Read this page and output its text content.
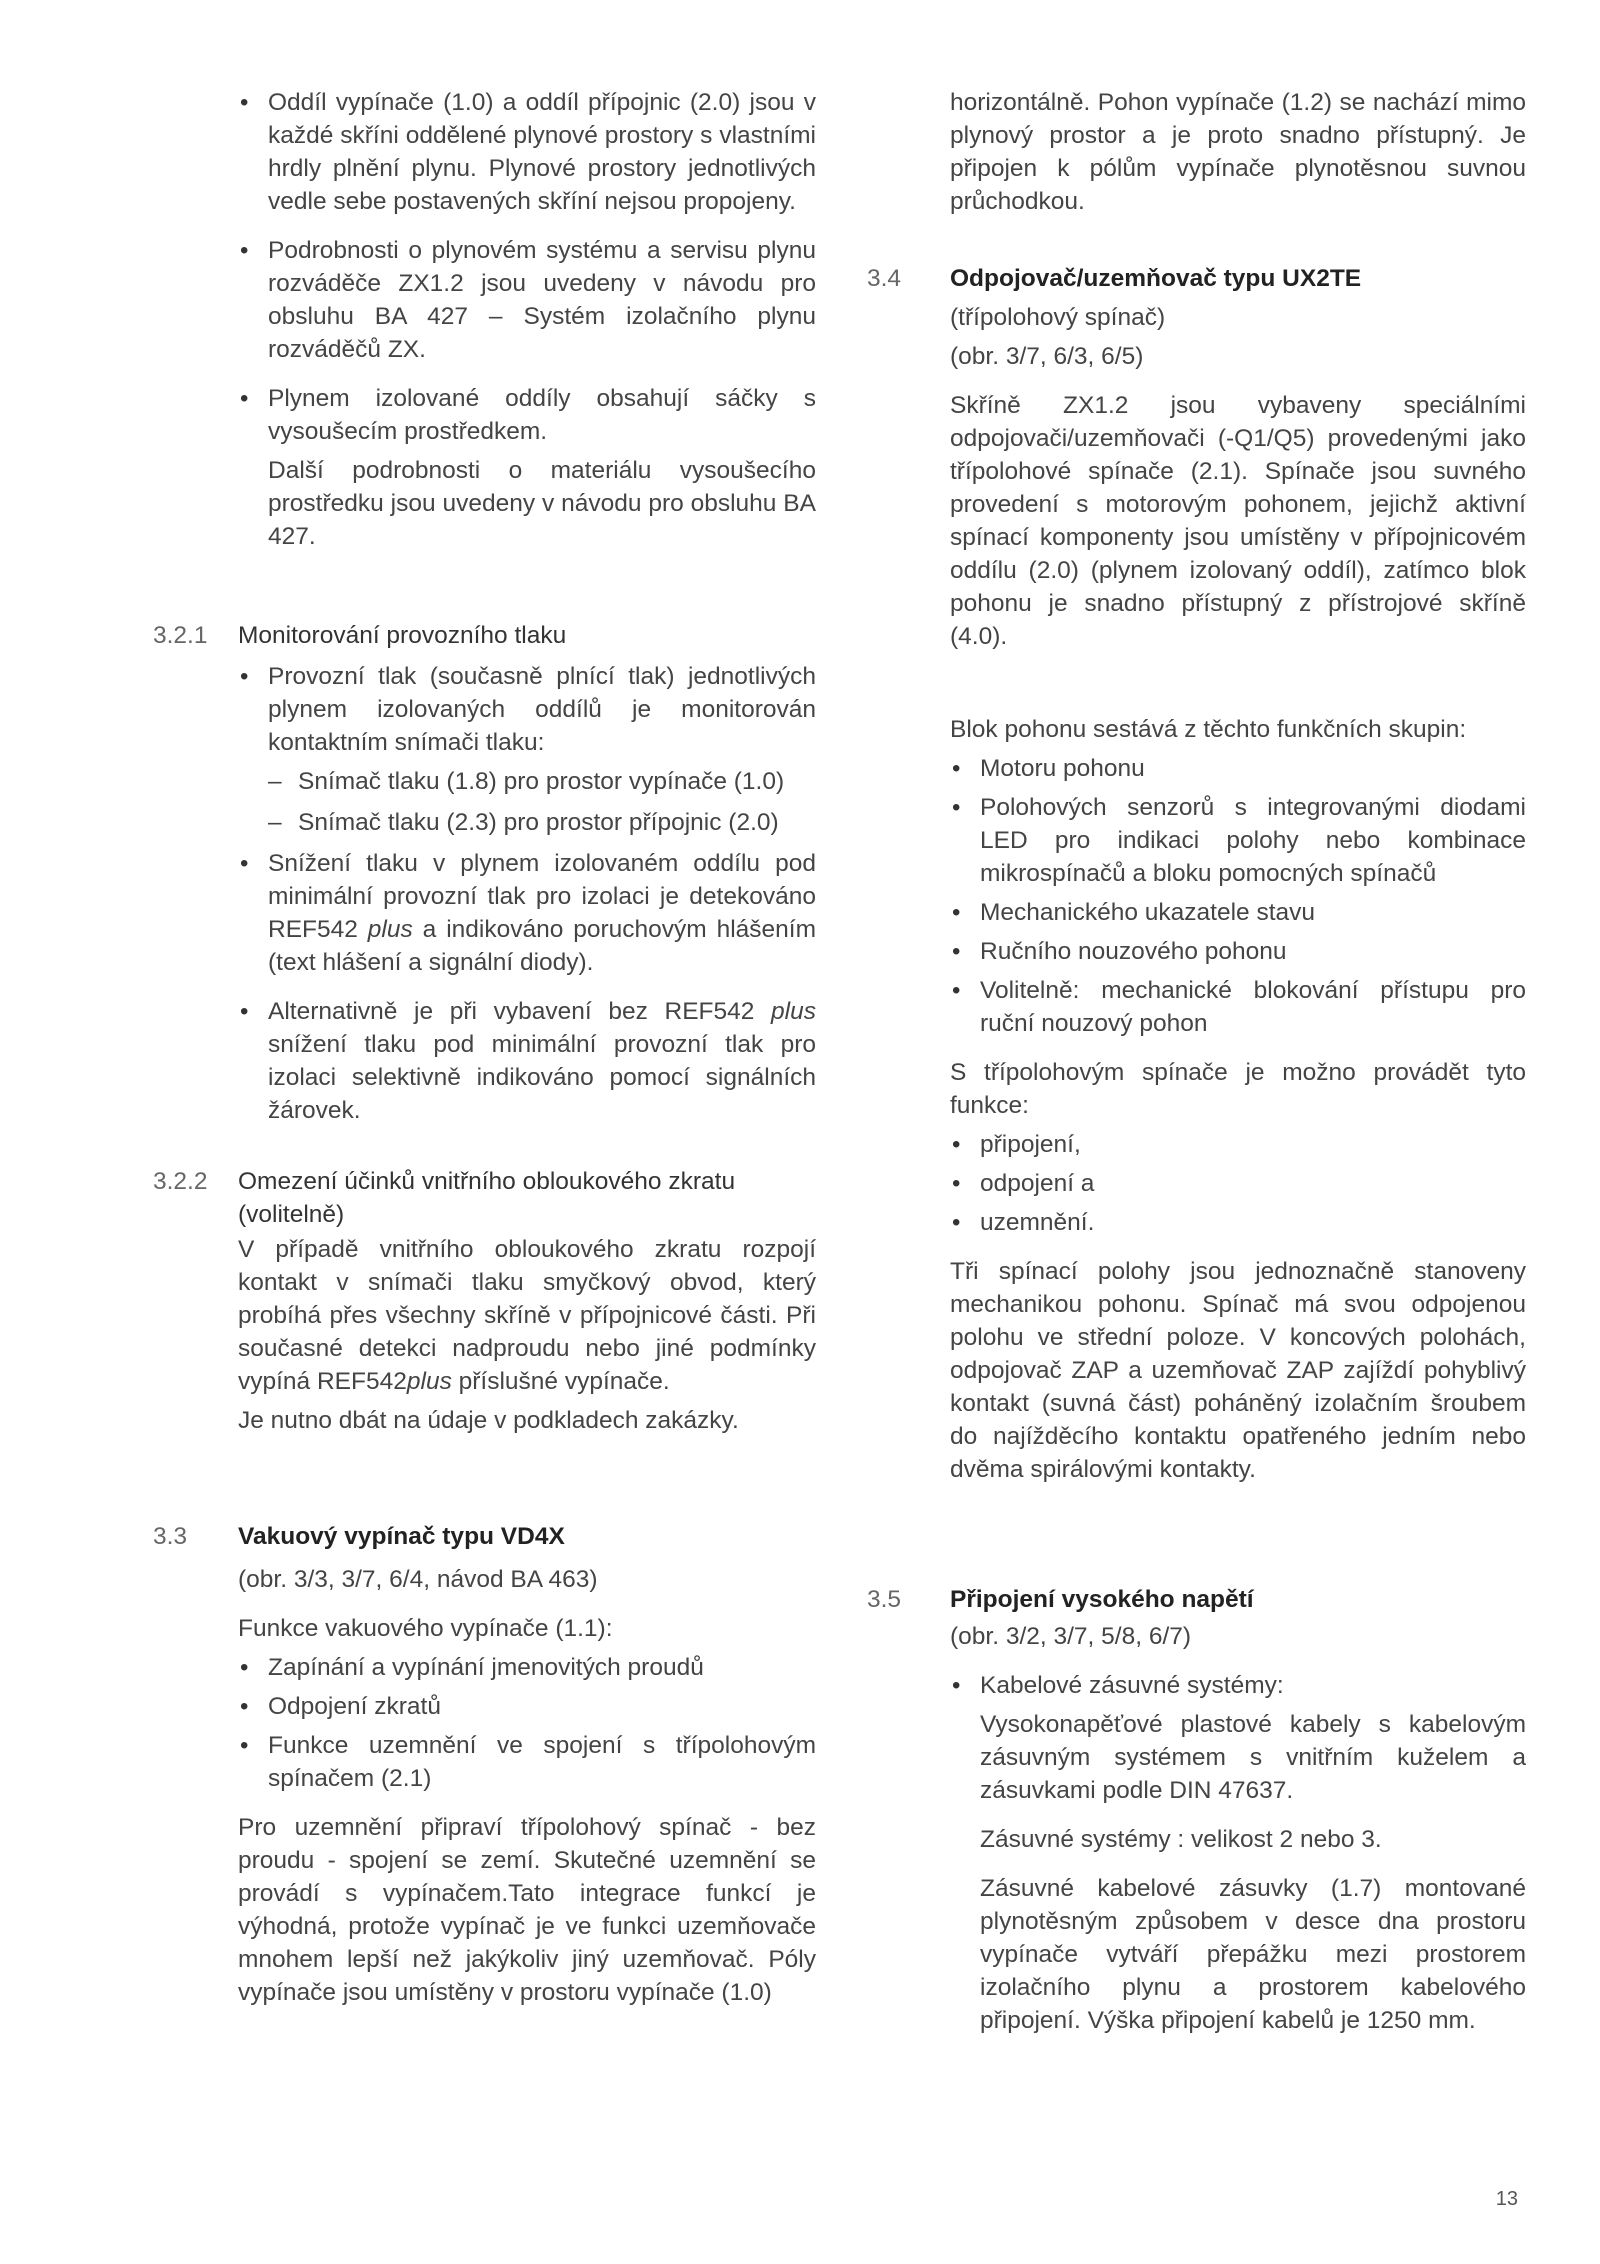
• Oddíl vypínače (1.0) a oddíl přípojnic (2.0) jsou v každé skříni oddělené plynové prostory s vlastními hrdly plnění plynu. Plynové prostory jednotlivých vedle sebe postavených skříní nejsou propojeny.
• Podrobnosti o plynovém systému a servisu plynu rozváděče ZX1.2 jsou uvedeny v návodu pro obsluhu BA 427 – Systém izolačního plynu rozváděčů ZX.
• Plynem izolované oddíly obsahují sáčky s vysoušecím prostředkem.

Další podrobnosti o materiálu vysoušecího prostředku jsou uvedeny v návodu pro obsluhu BA 427.

3.2.1 Monitorování provozního tlaku
• Provozní tlak (současně plnící tlak) jednotlivých plynem izolovaných oddílů je monitorován kontaktním snímači tlaku:
– Snímač tlaku (1.8) pro prostor vypínače (1.0)
– Snímač tlaku (2.3) pro prostor přípojnic (2.0)
• Snížení tlaku v plynem izolovaném oddílu pod minimální provozní tlak pro izolaci je detekováno REF542 plus a indikováno poruchovým hlášením (text hlášení a signální diody).
• Alternativně je při vybavení bez REF542 plus snížení tlaku pod minimální provozní tlak pro izolaci selektivně indikováno pomocí signálních žárovek.
3.2.2 Omezení účinků vnitřního obloukového zkratu (volitelně)

V případě vnitřního obloukového zkratu rozpojí kontakt v snímači tlaku smyčkový obvod, který probíhá přes všechny skříně v přípojnicové části. Při současné detekci nadproudu nebo jiné podmínky vypíná REF542plus příslušné vypínače.

Je nutno dbát na údaje v podkladech zakázky.

3.3 Vakuový vypínač typu VD4X

(obr. 3/3, 3/7, 6/4, návod BA 463)

Funkce vakuového vypínače (1.1):

• Zapínání a vypínání jmenovitých proudů
• Odpojení zkratů
• Funkce uzemnění ve spojení s třípolohovým spínačem (2.1)

Pro uzemnění připraví třípolohový spínač - bez proudu - spojení se zemí. Skutečné uzemnění se provádí s vypínačem.Tato integrace funkcí je výhodná, protože vypínač je ve funkci uzemňovače mnohem lepší než jakýkoliv jiný uzemňovač. Póly vypínače jsou umístěny v prostoru vypínače (1.0)

horizontálně. Pohon vypínače (1.2) se nachází mimo plynový prostor a je proto snadno přístupný. Je připojen k pólům vypínače plynotěsnou suvnou průchodkou.

3.4 Odpojovač/uzemňovač typu UX2TE

(třípolohový spínač)

(obr. 3/7, 6/3, 6/5)

Skříně ZX1.2 jsou vybaveny speciálními odpojovači/uzemňovači (-Q1/Q5) provedenými jako třípolohové spínače (2.1). Spínače jsou suvného provedení s motorovým pohonem, jejichž aktivní spínací komponenty jsou umístěny v přípojnicovém oddílu (2.0) (plynem izolovaný oddíl), zatímco blok pohonu je snadno přístupný z přístrojové skříně (4.0).

Blok pohonu sestává z těchto funkčních skupin:

• Motoru pohonu
• Polohových senzorů s integrovanými diodami LED pro indikaci polohy nebo kombinace mikrospínačů a bloku pomocných spínačů
• Mechanického ukazatele stavu
• Ručního nouzového pohonu
• Volitelně: mechanické blokování přístupu pro ruční nouzový pohon

S třípolohovým spínače je možno provádět tyto funkce:

• připojení,
• odpojení a
• uzemnění.

Tři spínací polohy jsou jednoznačně stanoveny mechanikou pohonu. Spínač má svou odpojenou polohu ve střední poloze. V koncových polohách, odpojovač ZAP a uzemňovač ZAP zajíždí pohyblivý kontakt (suvná část) poháněný izolačním šroubem do najížděcího kontaktu opatřeného jedním nebo dvěma spirálovými kontakty.

3.5 Připojení vysokého napětí

(obr. 3/2, 3/7, 5/8, 6/7)

• Kabelové zásuvné systémy:

Vysokonapěťové plastové kabely s kabelovým zásuvným systémem s vnitřním kuželem a zásuvkami podle DIN 47637.

Zásuvné systémy : velikost 2 nebo 3.

Zásuvné kabelové zásuvky (1.7) montované plynotěsným způsobem v desce dna prostoru vypínače vytváří přepážku mezi prostorem izolačního plynu a prostorem kabelového připojení. Výška připojení kabelů je 1250 mm.

13
